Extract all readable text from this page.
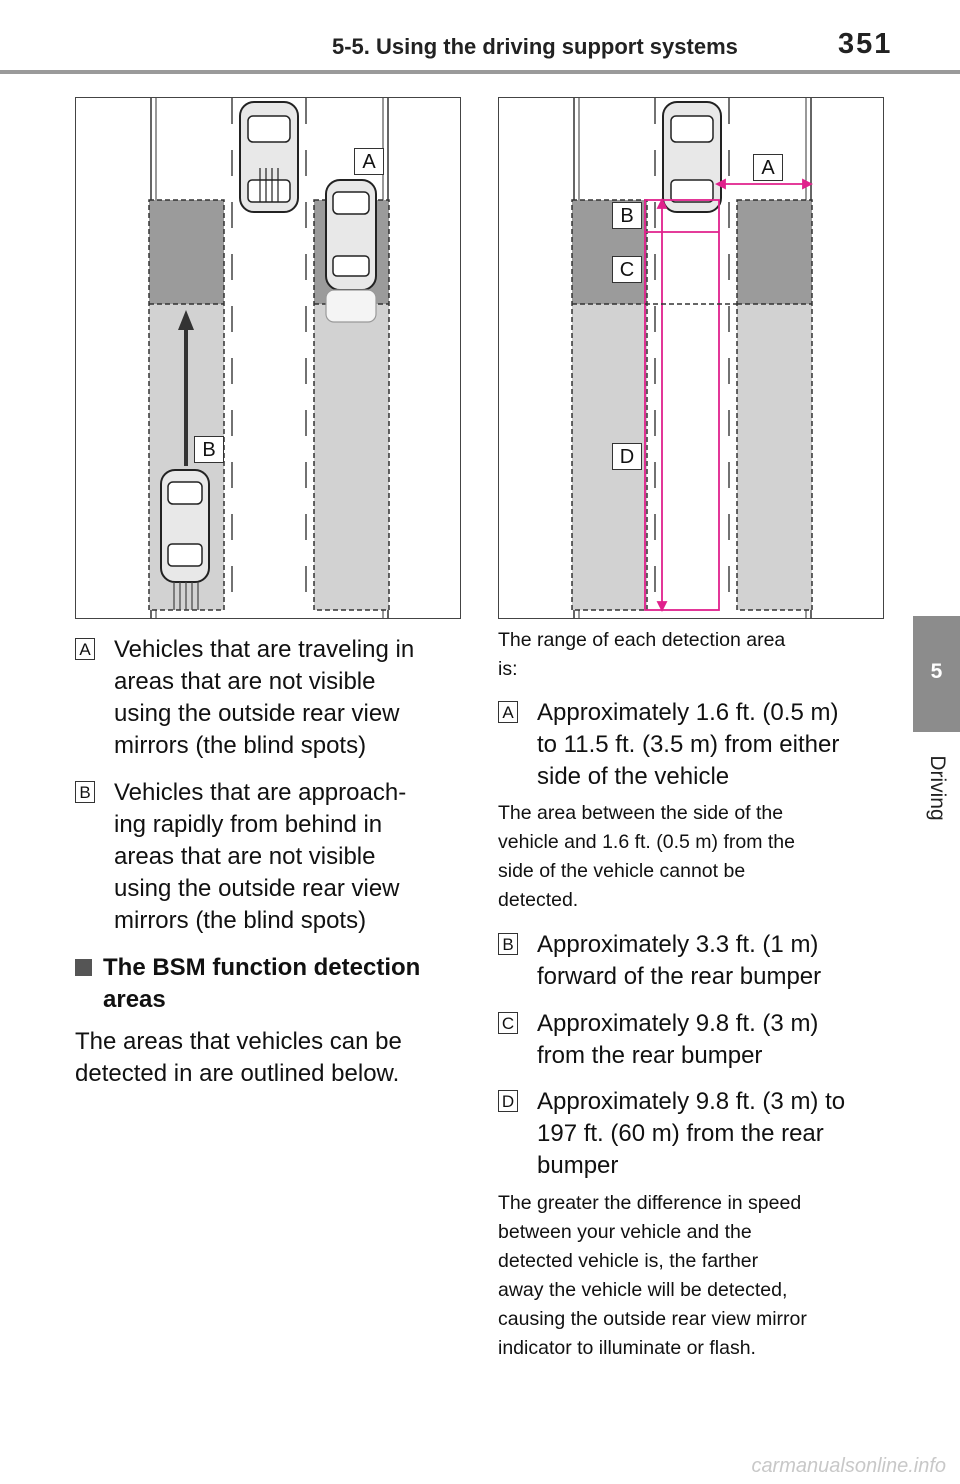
5-5. Using the driving support systems	351
5
Driving
A
B
A
B
C
D
A Vehicles that are traveling in
areas that are not visible
using the outside rear view
mirrors (the blind spots)
B Vehicles that are approach-
ing rapidly from behind in
areas that are not visible
using the outside rear view
mirrors (the blind spots)
The BSM function detection
areas
The areas that vehicles can be
detected in are outlined below.
The range of each detection area
is:
A Approximately 1.6 ft. (0.5 m)
to 11.5 ft. (3.5 m) from either
side of the vehicle
The area between the side of the
vehicle and 1.6 ft. (0.5 m) from the
side of the vehicle cannot be
detected.
B Approximately 3.3 ft. (1 m)
forward of the rear bumper
C Approximately 9.8 ft. (3 m)
from the rear bumper
D Approximately 9.8 ft. (3 m) to
197 ft. (60 m) from the rear
bumper
The greater the difference in speed
between your vehicle and the
detected vehicle is, the farther
away the vehicle will be detected,
causing the outside rear view mirror
indicator to illuminate or flash.
carmanualsonline.info
